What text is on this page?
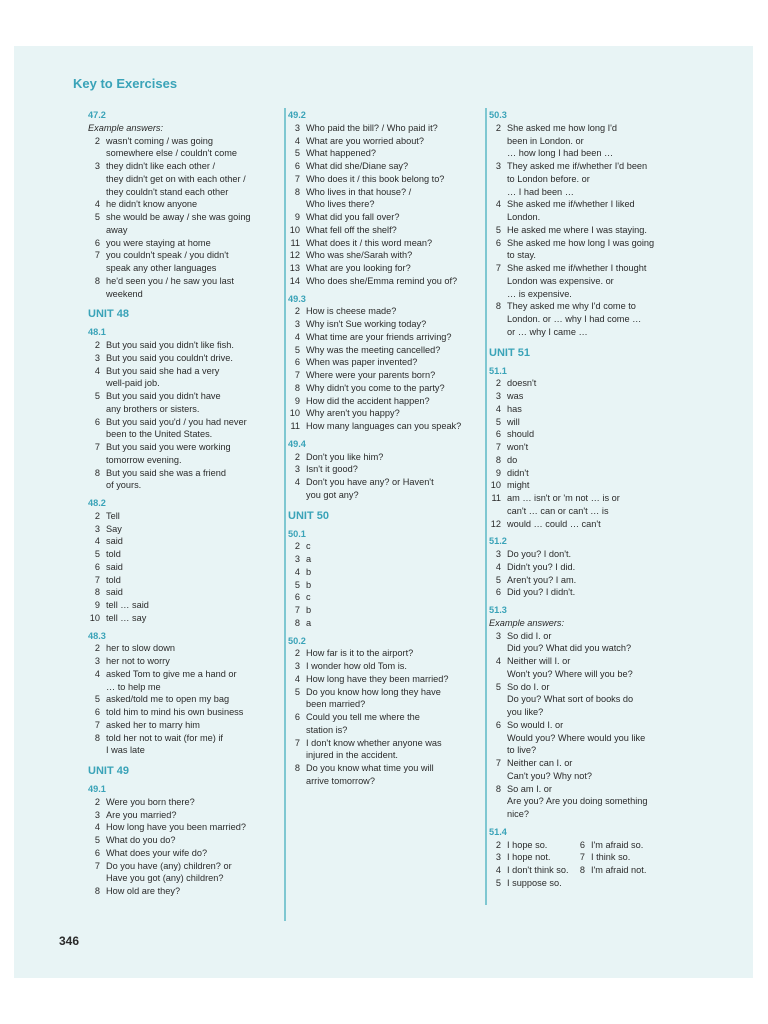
Key to Exercises
47.2
Example answers:
2 wasn't coming / was going
somewhere else / couldn't come
3 they didn't like each other /
they didn't get on with each other /
they couldn't stand each other
4 he didn't know anyone
5 she would be away / she was going
away
6 you were staying at home
7 you couldn't speak / you didn't
speak any other languages
8 he'd seen you / he saw you last
weekend
UNIT 48
48.1
2 But you said you didn't like fish.
3 But you said you couldn't drive.
4 But you said she had a very
well-paid job.
5 But you said you didn't have
any brothers or sisters.
6 But you said you'd / you had never
been to the United States.
7 But you said you were working
tomorrow evening.
8 But you said she was a friend
of yours.
48.2
2 Tell
3 Say
4 said
5 told
6 said
7 told
8 said
9 tell … said
10 tell … say
48.3
2 her to slow down
3 her not to worry
4 asked Tom to give me a hand or
… to help me
5 asked/told me to open my bag
6 told him to mind his own business
7 asked her to marry him
8 told her not to wait (for me) if
I was late
UNIT 49
49.1
2 Were you born there?
3 Are you married?
4 How long have you been married?
5 What do you do?
6 What does your wife do?
7 Do you have (any) children? or
Have you got (any) children?
8 How old are they?
49.2
3 Who paid the bill? / Who paid it?
4 What are you worried about?
5 What happened?
6 What did she/Diane say?
7 Who does it / this book belong to?
8 Who lives in that house? /
Who lives there?
9 What did you fall over?
10 What fell off the shelf?
11 What does it / this word mean?
12 Who was she/Sarah with?
13 What are you looking for?
14 Who does she/Emma remind you of?
49.3
2 How is cheese made?
3 Why isn't Sue working today?
4 What time are your friends arriving?
5 Why was the meeting cancelled?
6 When was paper invented?
7 Where were your parents born?
8 Why didn't you come to the party?
9 How did the accident happen?
10 Why aren't you happy?
11 How many languages can you speak?
49.4
2 Don't you like him?
3 Isn't it good?
4 Don't you have any? or Haven't
you got any?
UNIT 50
50.1
2 c
3 a
4 b
5 b
6 c
7 b
8 a
50.2
2 How far is it to the airport?
3 I wonder how old Tom is.
4 How long have they been married?
5 Do you know how long they have
been married?
6 Could you tell me where the
station is?
7 I don't know whether anyone was
injured in the accident.
8 Do you know what time you will
arrive tomorrow?
50.3
2 She asked me how long I'd
been in London. or
… how long I had been …
3 They asked me if/whether I'd been
to London before. or
… I had been …
4 She asked me if/whether I liked
London.
5 He asked me where I was staying.
6 She asked me how long I was going
to stay.
7 She asked me if/whether I thought
London was expensive. or
… is expensive.
8 They asked me why I'd come to
London. or … why I had come …
or … why I came …
UNIT 51
51.1
2 doesn't
3 was
4 has
5 will
6 should
7 won't
8 do
9 didn't
10 might
11 am … isn't or 'm not … is or
can't … can or can't … is
12 would … could … can't
51.2
3 Do you? I don't.
4 Didn't you? I did.
5 Aren't you? I am.
6 Did you? I didn't.
51.3
Example answers:
3 So did I. or
Did you? What did you watch?
4 Neither will I. or
Won't you? Where will you be?
5 So do I. or
Do you? What sort of books do
you like?
6 So would I. or
Would you? Where would you like
to live?
7 Neither can I. or
Can't you? Why not?
8 So am I. or
Are you? Are you doing something
nice?
51.4
2 I hope so.	6 I'm afraid so.
3 I hope not.	7 I think so.
4 I don't think so.	8 I'm afraid not.
5 I suppose so.
346
